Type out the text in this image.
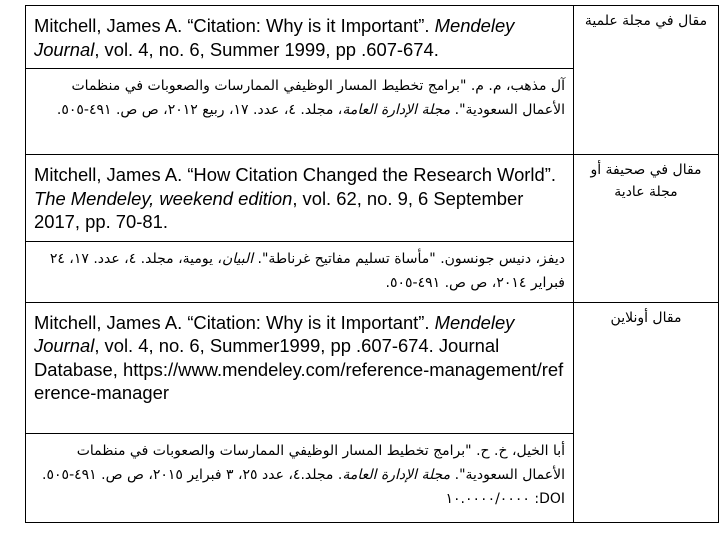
Mitchell, James A. “Citation: Why is it Important”. Mendeley Journal, vol. 4, no. 6, Summer 1999, pp .607-674.	مقال في مجلة علمية

آل مذهب، م. م. "برامج تخطيط المسار الوظيفي الممارسات والصعوبات في منظمات الأعمال السعودية". مجلة الإدارة العامة، مجلد. ٤، عدد. ١٧، ربيع ٢٠١٢، ص ص. ٤٩١-٥٠٥.	

Mitchell, James A. “How Citation Changed the Research World”. The Mendeley, weekend edition, vol. 62, no. 9, 6 September 2017, pp. 70-81.	مقال في صحيفة أو مجلة عادية

ديفز، دنيس جونسون. "مأساة تسليم مفاتيح غرناطة". البيان، يومية، مجلد. ٤، عدد. ١٧، ٢٤ فبراير ٢٠١٤، ص ص. ٤٩١-٥٠٥.	

Mitchell, James A. “Citation: Why is it Important”. Mendeley Journal, vol. 4, no. 6, Summer1999, pp .607-674. Journal Database, https://www.mendeley.com/reference-management/reference-manager	مقال أونلاين

أبا الخيل، خ. ح. "برامج تخطيط المسار الوظيفي الممارسات والصعوبات في منظمات الأعمال السعودية". مجلة الإدارة العامة. مجلد.٤، عدد ٢٥، ٣ فبراير ٢٠١٥، ص ص. ٤٩١-٥٠٥. DOI: ١٠.٠٠٠٠/٠٠٠٠	
